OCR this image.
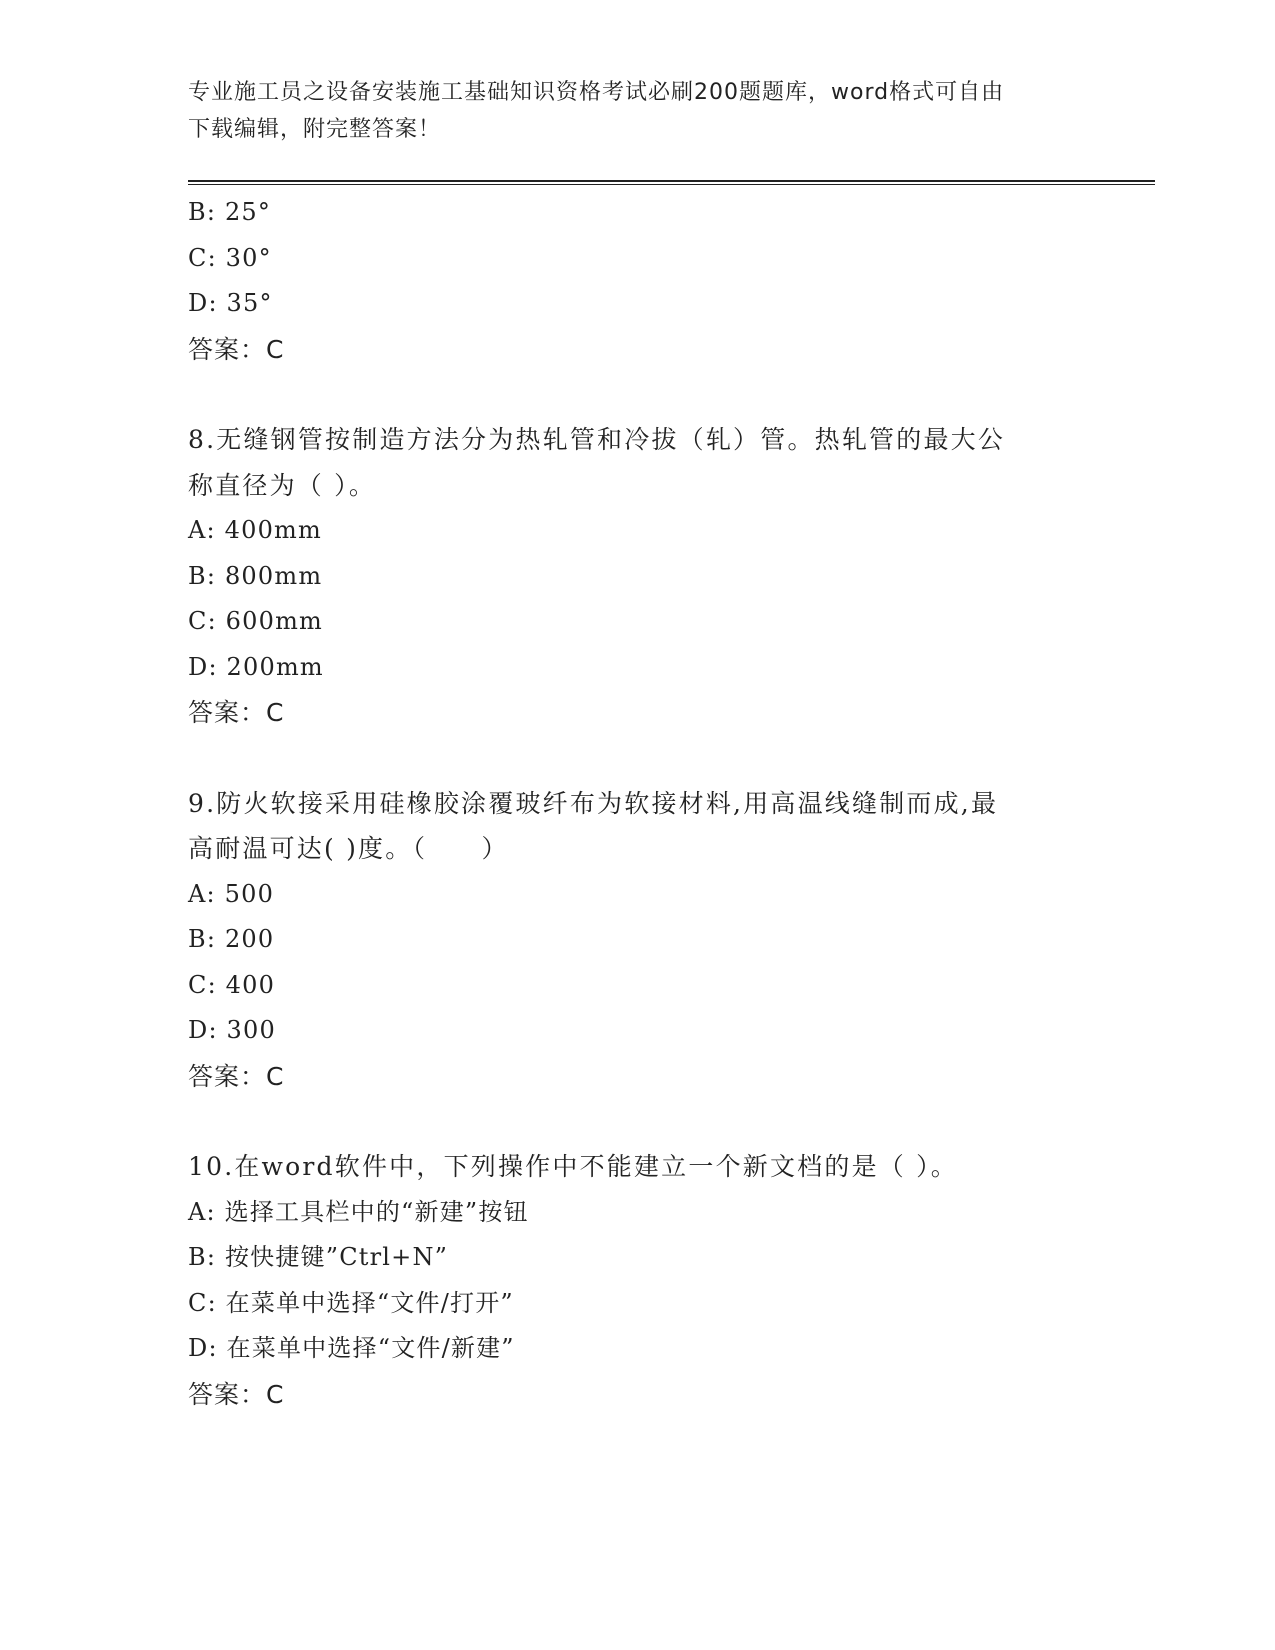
专业施工员之设备安装施工基础知识资格考试必刷200题题库，word格式可自由
下载编辑，附完整答案！
B: 25°
C: 30°
D: 35°
答案：C
8.无缝钢管按制造方法分为热轧管和冷拔（轧）管。热轧管的最大公
称直径为（ ）。
A: 400mm
B: 800mm
C: 600mm
D: 200mm
答案：C
9.防火软接采用硅橡胶涂覆玻纤布为软接材料,用高温线缝制而成,最
高耐温可达( )度。（　　）
A: 500
B: 200
C: 400
D: 300
答案：C
10.在word软件中，下列操作中不能建立一个新文档的是（ ）。
A: 选择工具栏中的“新建”按钮
B: 按快捷键”Ctrl+N”
C: 在菜单中选择“文件/打开”
D: 在菜单中选择“文件/新建”
答案：C
